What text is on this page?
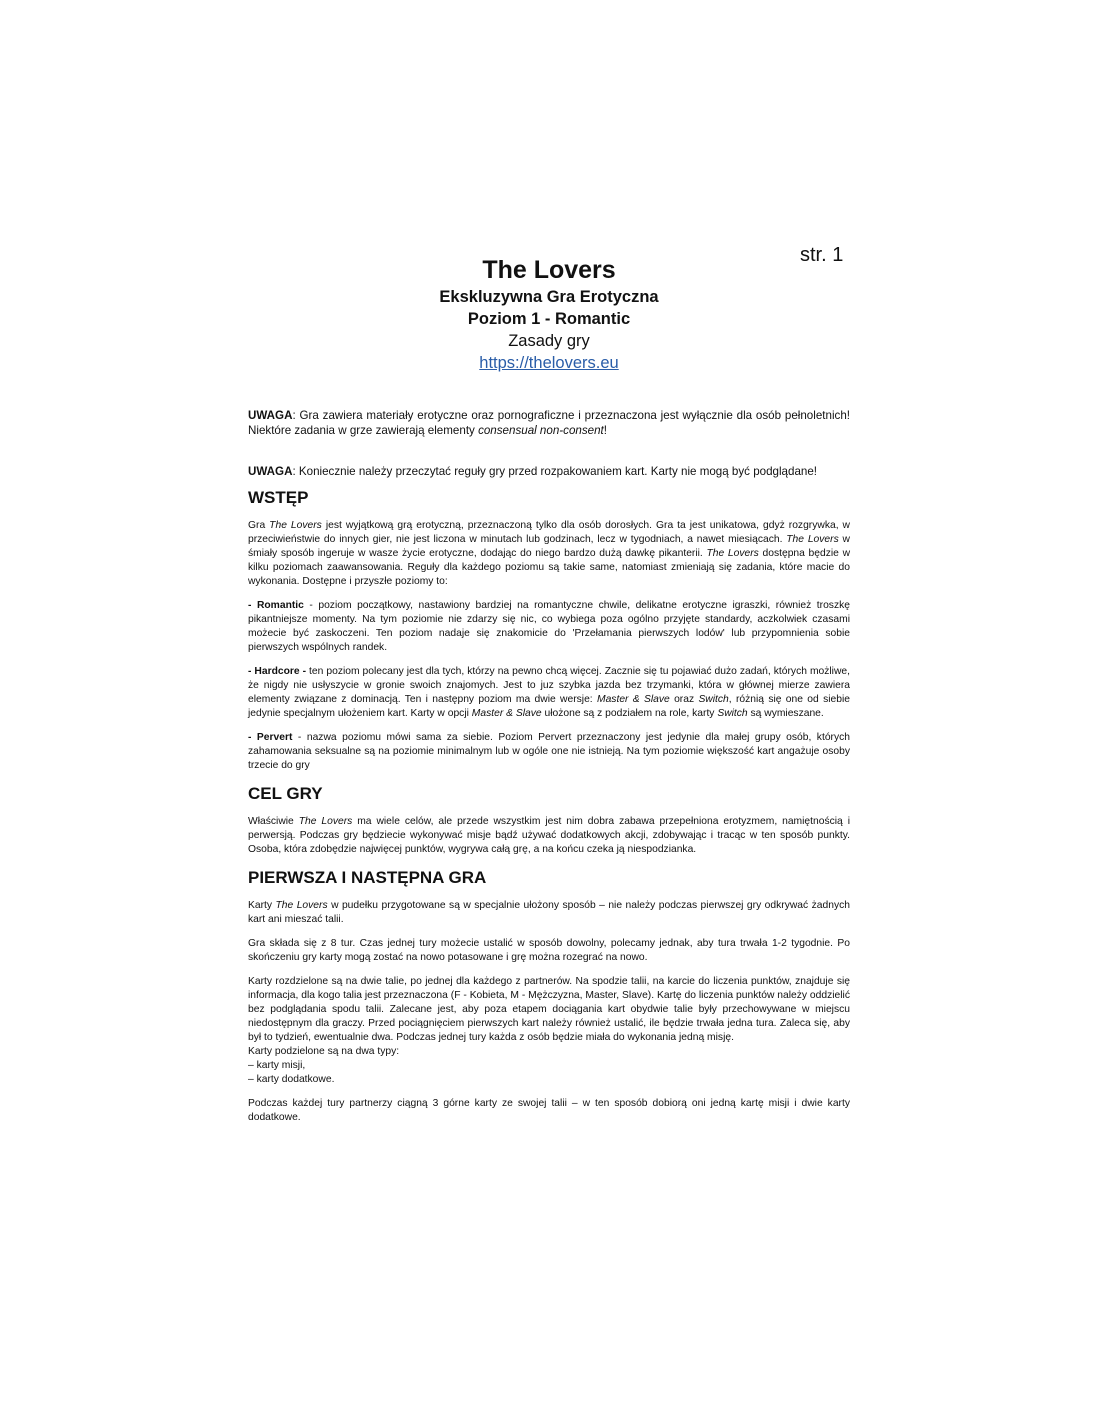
str. 1
The Lovers
Ekskluzywna Gra Erotyczna
Poziom 1 - Romantic
Zasady gry
https://thelovers.eu

UWAGA: Gra zawiera materiały erotyczne oraz pornograficzne i przeznaczona jest wyłącznie dla osób pełnoletnich! Niektóre zadania w grze zawierają elementy consensual non-consent!

UWAGA: Koniecznie należy przeczytać reguły gry przed rozpakowaniem kart. Karty nie mogą być podglądane!

WSTĘP

Gra The Lovers jest wyjątkową grą erotyczną, przeznaczoną tylko dla osób dorosłych. Gra ta jest unikatowa, gdyż rozgrywka, w przeciwieństwie do innych gier, nie jest liczona w minutach lub godzinach, lecz w tygodniach, a nawet miesiącach. The Lovers w śmiały sposób ingeruje w wasze życie erotyczne, dodając do niego bardzo dużą dawkę pikanterii. The Lovers dostępna będzie w kilku poziomach zaawansowania. Reguły dla każdego poziomu są takie same, natomiast zmieniają się zadania, które macie do wykonania. Dostępne i przyszłe poziomy to:

- Romantic - poziom początkowy, nastawiony bardziej na romantyczne chwile, delikatne erotyczne igraszki, również troszkę pikantniejsze momenty. Na tym poziomie nie zdarzy się nic, co wybiega poza ogólno przyjęte standardy, aczkolwiek czasami możecie być zaskoczeni. Ten poziom nadaje się znakomicie do 'Przełamania pierwszych lodów' lub przypomnienia sobie pierwszych wspólnych randek.

- Hardcore - ten poziom polecany jest dla tych, którzy na pewno chcą więcej. Zacznie się tu pojawiać dużo zadań, których możliwe, że nigdy nie usłyszycie w gronie swoich znajomych. Jest to juz szybka jazda bez trzymanki, która w głównej mierze zawiera elementy związane z dominacją. Ten i następny poziom ma dwie wersje: Master & Slave oraz Switch, różnią się one od siebie jedynie specjalnym ułożeniem kart. Karty w opcji Master & Slave ułożone są z podziałem na role, karty Switch są wymieszane.

- Pervert - nazwa poziomu mówi sama za siebie. Poziom Pervert przeznaczony jest jedynie dla małej grupy osób, których zahamowania seksualne są na poziomie minimalnym lub w ogóle one nie istnieją. Na tym poziomie większość kart angażuje osoby trzecie do gry

CEL GRY

Właściwie The Lovers ma wiele celów, ale przede wszystkim jest nim dobra zabawa przepełniona erotyzmem, namiętnością i perwersją. Podczas gry będziecie wykonywać misje bądź używać dodatkowych akcji, zdobywając i tracąc w ten sposób punkty. Osoba, która zdobędzie najwięcej punktów, wygrywa całą grę, a na końcu czeka ją niespodzianka.

PIERWSZA I NASTĘPNA GRA

Karty The Lovers w pudełku przygotowane są w specjalnie ułożony sposób – nie należy podczas pierwszej gry odkrywać żadnych kart ani mieszać talii.

Gra składa się z 8 tur. Czas jednej tury możecie ustalić w sposób dowolny, polecamy jednak, aby tura trwała 1-2 tygodnie. Po skończeniu gry karty mogą zostać na nowo potasowane i grę można rozegrać na nowo.

Karty rozdzielone są na dwie talie, po jednej dla każdego z partnerów. Na spodzie talii, na karcie do liczenia punktów, znajduje się informacja, dla kogo talia jest przeznaczona (F - Kobieta, M - Mężczyzna, Master, Slave). Kartę do liczenia punktów należy oddzielić bez podglądania spodu talii. Zalecane jest, aby poza etapem dociągania kart obydwie talie były przechowywane w miejscu niedostępnym dla graczy. Przed pociągnięciem pierwszych kart należy również ustalić, ile będzie trwała jedna tura. Zaleca się, aby był to tydzień, ewentualnie dwa. Podczas jednej tury każda z osób będzie miała do wykonania jedną misję.

Karty podzielone są na dwa typy:

– karty misji,

– karty dodatkowe.

Podczas każdej tury partnerzy ciągną 3 górne karty ze swojej talii – w ten sposób dobiorą oni jedną kartę misji i dwie karty dodatkowe.
